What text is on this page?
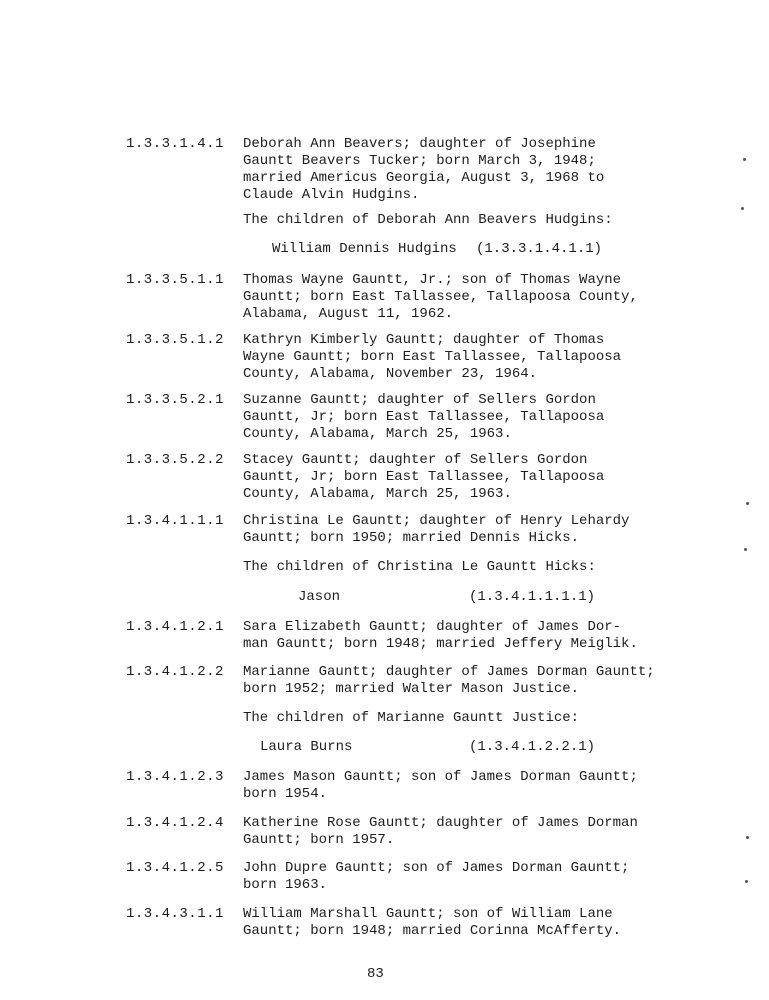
1.3.3.1.4.1 Deborah Ann Beavers; daughter of Josephine
Gauntt Beavers Tucker; born March 3, 1948;
married Americus Georgia, August 3, 1968 to
Claude Alvin Hudgins.
The children of Deborah Ann Beavers Hudgins:
William Dennis Hudgins (1.3.3.1.4.1.1)
1.3.3.5.1.1 Thomas Wayne Gauntt, Jr.; son of Thomas Wayne
Gauntt; born East Tallassee, Tallapoosa County,
Alabama, August 11, 1962.
1.3.3.5.1.2 Kathryn Kimberly Gauntt; daughter of Thomas
Wayne Gauntt; born East Tallassee, Tallapoosa
County, Alabama, November 23, 1964.
1.3.3.5.2.1 Suzanne Gauntt; daughter of Sellers Gordon
Gauntt, Jr; born East Tallassee, Tallapoosa
County, Alabama, March 25, 1963.
1.3.3.5.2.2 Stacey Gauntt; daughter of Sellers Gordon
Gauntt, Jr; born East Tallassee, Tallapoosa
County, Alabama, March 25, 1963.
1.3.4.1.1.1 Christina Le Gauntt; daughter of Henry Lehardy
Gauntt; born 1950; married Dennis Hicks.
The children of Christina Le Gauntt Hicks:
Jason	(1.3.4.1.1.1.1)
1.3.4.1.2.1 Sara Elizabeth Gauntt; daughter of James Dor-
man Gauntt; born 1948; married Jeffery Meiglik.
1.3.4.1.2.2 Marianne Gauntt; daughter of James Dorman Gauntt;
born 1952; married Walter Mason Justice.
The children of Marianne Gauntt Justice:
Laura Burns	(1.3.4.1.2.2.1)
1.3.4.1.2.3 James Mason Gauntt; son of James Dorman Gauntt;
born 1954.
1.3.4.1.2.4 Katherine Rose Gauntt; daughter of James Dorman
Gauntt; born 1957.
1.3.4.1.2.5 John Dupre Gauntt; son of James Dorman Gauntt;
born 1963.
1.3.4.3.1.1 William Marshall Gauntt; son of William Lane
Gauntt; born 1948; married Corinna McAfferty.
83
